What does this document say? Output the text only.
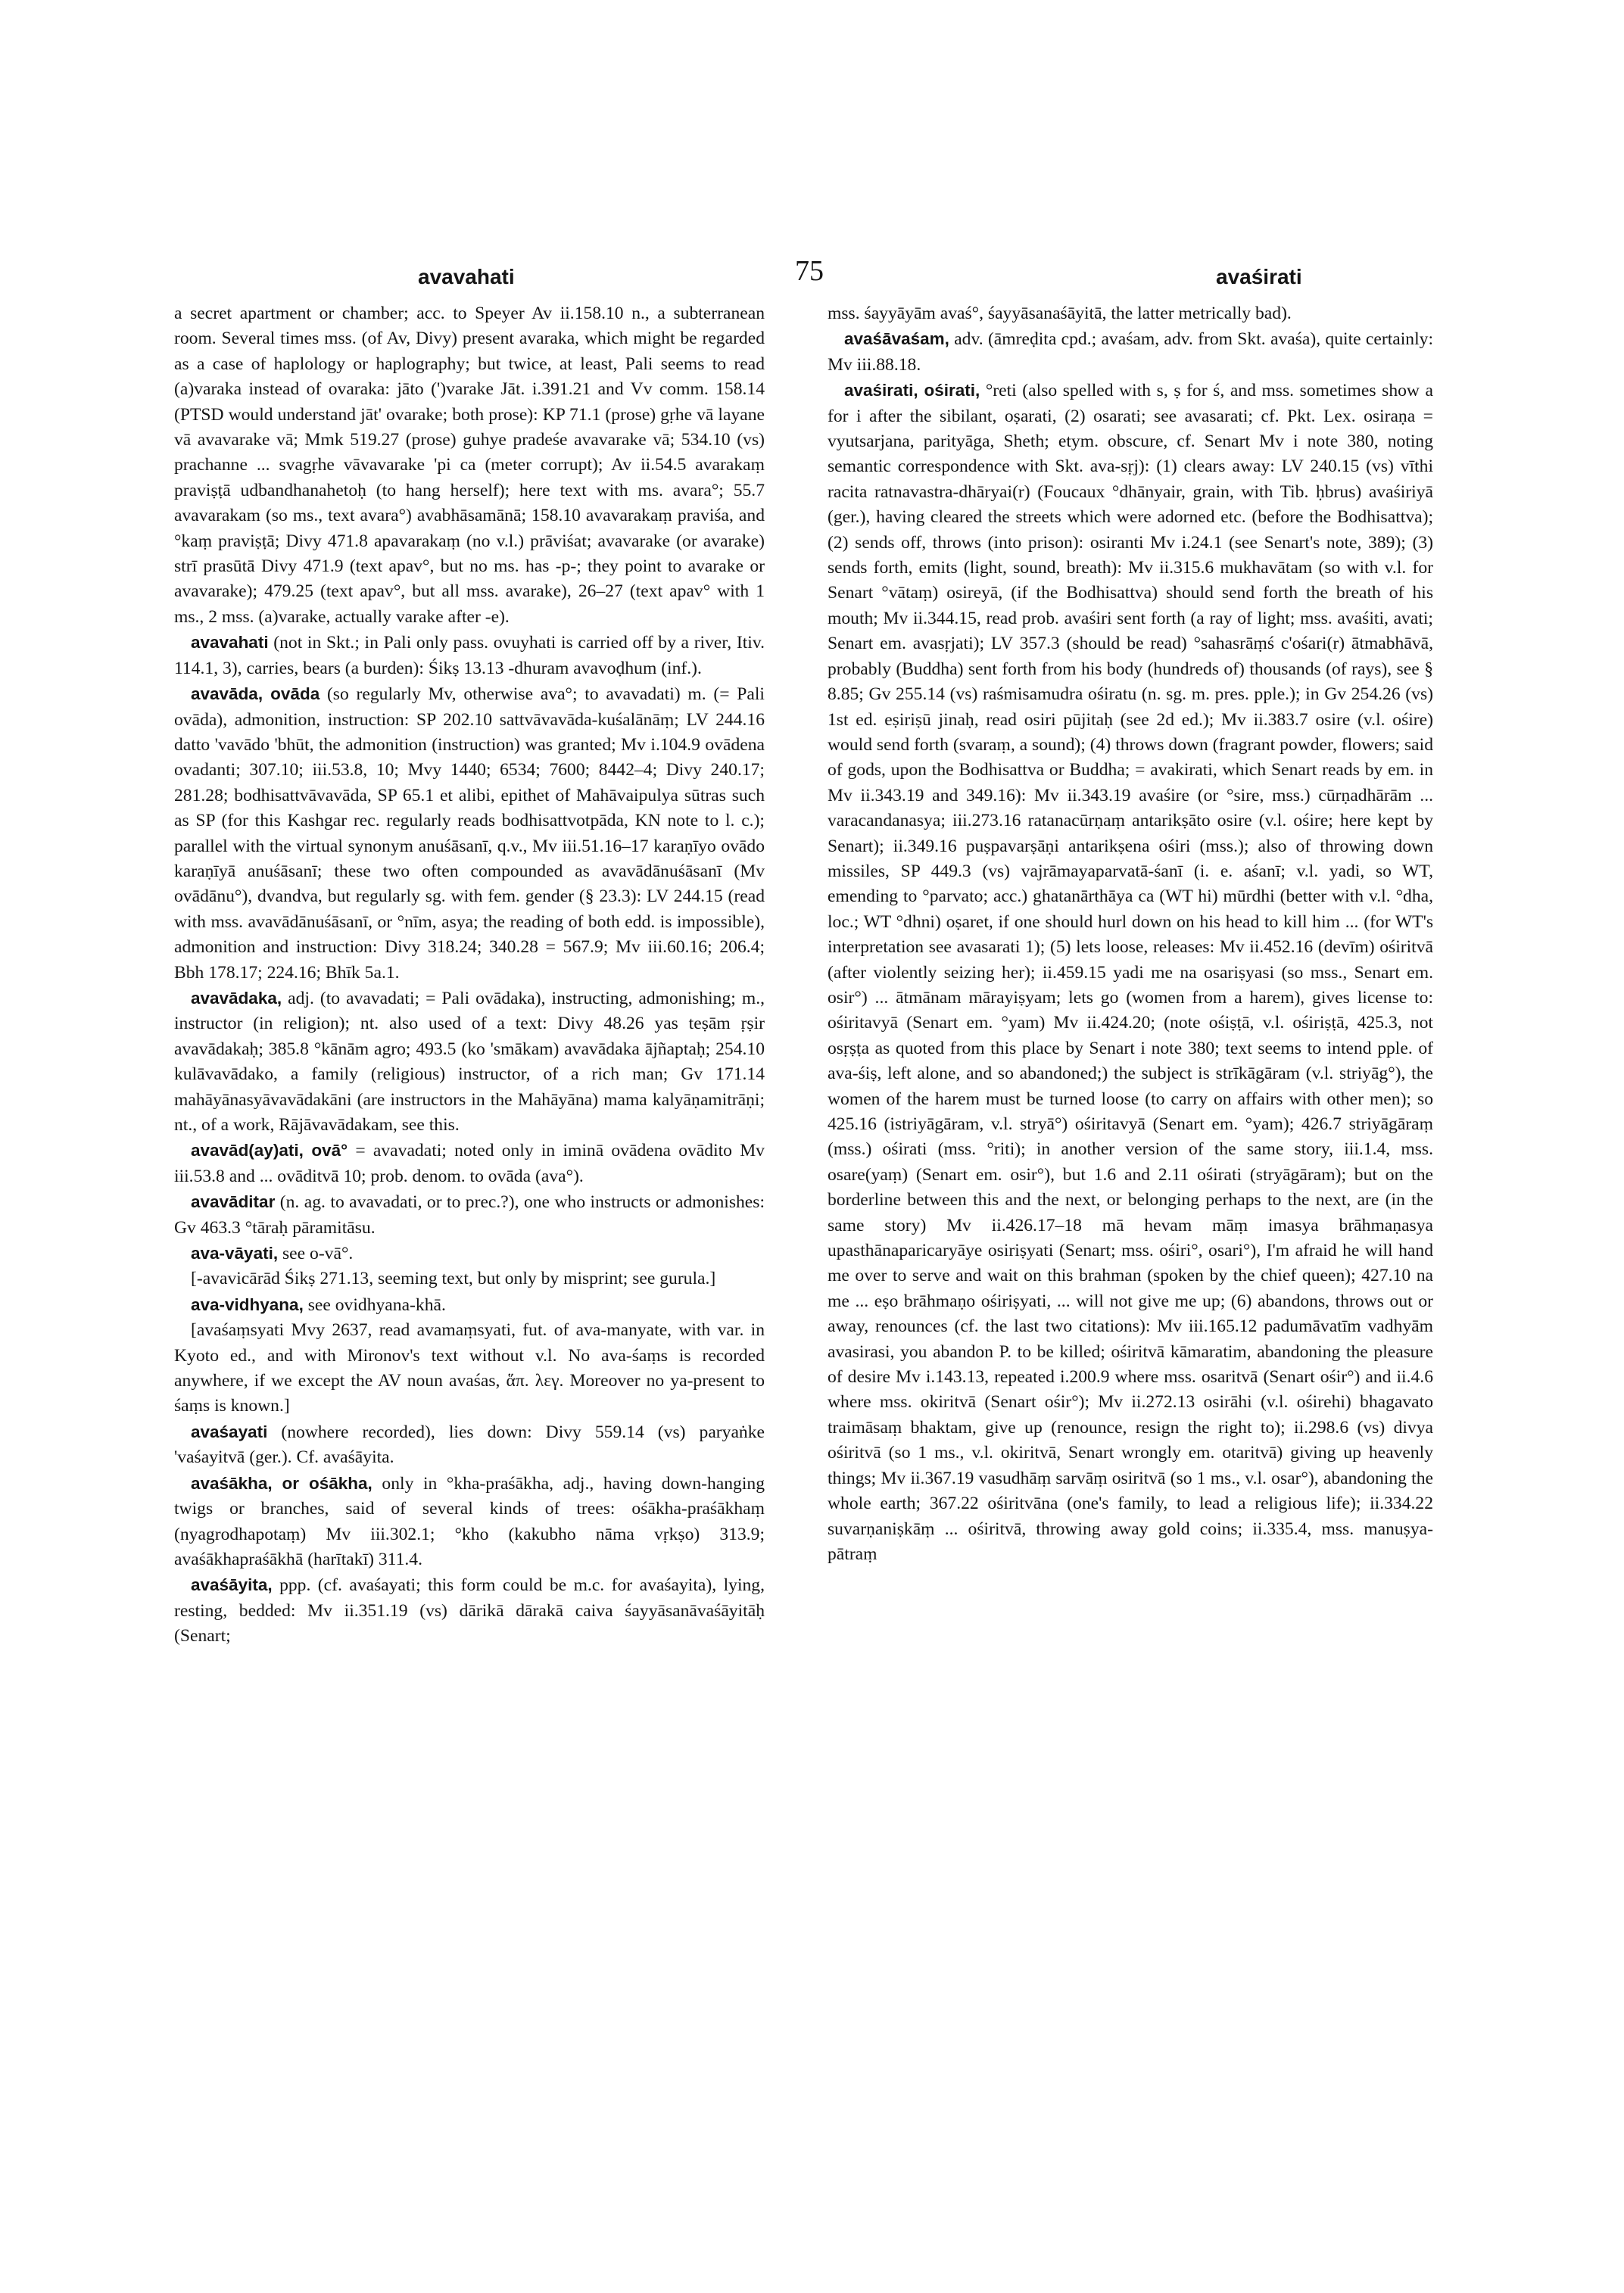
avavahati	75	avaśirati

a secret apartment or chamber; acc. to Speyer Av ii.158.10 n., a subterranean room. Several times mss. (of Av, Divy) present avaraka, which might be regarded as a case of haplology or haplography; but twice, at least, Pali seems to read (a)varaka instead of ovaraka: jāto (')varake Jāt. i.391.21 and Vv comm. 158.14 (PTSD would understand jāt' ovarake; both prose): KP 71.1 (prose) gṛhe vā layane vā avavarake vā; Mmk 519.27 (prose) guhye pradeśe avavarake vā; 534.10 (vs) prachanne ... svagṛhe vāvavarake 'pi ca (meter corrupt); Av ii.54.5 avarakaṃ praviṣṭā udbandhanahetoḥ (to hang herself); here text with ms. avara°; 55.7 avavarakam (so ms., text avara°) avabhāsamānā; 158.10 avavarakaṃ praviśa, and °kaṃ praviṣṭā; Divy 471.8 apavarakaṃ (no v.l.) prāviśat; avavarake (or avarake) strī prasūtā Divy 471.9 (text apav°, but no ms. has -p-; they point to avarake or avavarake); 479.25 (text apav°, but all mss. avarake), 26–27 (text apav° with 1 ms., 2 mss. (a)varake, actually varake after -e).

avavahati (not in Skt.; in Pali only pass. ovuyhati is carried off by a river, Itiv. 114.1, 3), carries, bears (a burden): Śikṣ 13.13 -dhuram avavoḍhum (inf.).

avavāda, ovāda (so regularly Mv, otherwise ava°; to avavadati) m. (= Pali ovāda), admonition, instruction: SP 202.10 sattvāvavāda-kuśalānāṃ; LV 244.16 datto 'vavādo 'bhūt, the admonition (instruction) was granted; Mv i.104.9 ovādena ovadanti; 307.10; iii.53.8, 10; Mvy 1440; 6534; 7600; 8442–4; Divy 240.17; 281.28; bodhisattvāvavāda, SP 65.1 et alibi, epithet of Mahāvaipulya sūtras such as SP (for this Kashgar rec. regularly reads bodhisattvotpāda, KN note to l. c.); parallel with the virtual synonym anuśāsanī, q.v., Mv iii.51.16–17 karaṇīyo ovādo karaṇīyā anuśāsanī; these two often compounded as avavādānuśāsanī (Mv ovādānu°), dvandva, but regularly sg. with fem. gender (§ 23.3): LV 244.15 (read with mss. avavādānuśāsanī, or °nīm, asya; the reading of both edd. is impossible), admonition and instruction: Divy 318.24; 340.28 = 567.9; Mv iii.60.16; 206.4; Bbh 178.17; 224.16; Bhīk 5a.1.

avavādaka, adj. (to avavadati; = Pali ovādaka), instructing, admonishing; m., instructor (in religion); nt. also used of a text: Divy 48.26 yas teṣām ṛṣir avavādakaḥ; 385.8 °kānām agro; 493.5 (ko 'smākam) avavādaka ājñaptaḥ; 254.10 kulāvavādako, a family (religious) instructor, of a rich man; Gv 171.14 mahāyānasyāvavādakāni (are instructors in the Mahāyāna) mama kalyāṇamitrāṇi; nt., of a work, Rājāvavādakam, see this.

avavād(ay)ati, ovā° = avavadati; noted only in iminā ovādena ovādito Mv iii.53.8 and ... ovāditvā 10; prob. denom. to ovāda (ava°).

avavāditar (n. ag. to avavadati, or to prec.?), one who instructs or admonishes: Gv 463.3 °tāraḥ pāramitāsu.

ava-vāyati, see o-vā°.

[-avavicārād Śikṣ 271.13, seeming text, but only by misprint; see gurula.]

ava-vidhyana, see ovidhyana-khā.

[avaśaṃsyati Mvy 2637, read avamaṃsyati, fut. of ava-manyate, with var. in Kyoto ed., and with Mironov's text without v.l. No ava-śaṃs is recorded anywhere, if we except the AV noun avaśas, ἅπ. λεγ. Moreover no ya-present to śaṃs is known.]

avaśayati (nowhere recorded), lies down: Divy 559.14 (vs) paryaṅke 'vaśayitvā (ger.). Cf. avaśāyita.

avaśākha, or ośākha, only in °kha-praśākha, adj., having down-hanging twigs or branches, said of several kinds of trees: ośākha-praśākhaṃ (nyagrodhapotaṃ) Mv iii.302.1; °kho (kakubho nāma vṛkṣo) 313.9; avaśākhapraśākhā (harītakī) 311.4.

avaśāyita, ppp. (cf. avaśayati; this form could be m.c. for avaśayita), lying, resting, bedded: Mv ii.351.19 (vs) dārikā dārakā caiva śayyāsanāvaśāyitāḥ (Senart;

mss. śayyāyām avaś°, śayyāsanaśāyitā, the latter metrically bad).

avaśāvaśam, adv. (āmreḍita cpd.; avaśam, adv. from Skt. avaśa), quite certainly: Mv iii.88.18.

avaśirati, ośirati, °reti (also spelled with s, ṣ for ś, and mss. sometimes show a for i after the sibilant, oṣarati, (2) osarati; see avasarati; cf. Pkt. Lex. osiraṇa = vyutsarjana, parityāga, Sheth; etym. obscure, cf. Senart Mv i note 380, noting semantic correspondence with Skt. ava-sṛj): (1) clears away: LV 240.15 (vs) vīthi racita ratnavastra-dhāryai(r) (Foucaux °dhānyair, grain, with Tib. ḥbrus) avaśiriyā (ger.), having cleared the streets which were adorned etc. (before the Bodhisattva); (2) sends off, throws (into prison): osiranti Mv i.24.1 (see Senart's note, 389); (3) sends forth, emits (light, sound, breath): Mv ii.315.6 mukhavātam (so with v.l. for Senart °vātaṃ) osireyā, (if the Bodhisattva) should send forth the breath of his mouth; Mv ii.344.15, read prob. avaśiri sent forth (a ray of light; mss. avaśiti, avati; Senart em. avasṛjati); LV 357.3 (should be read) °sahasrāṃś c'ośari(r) ātmabhāvā, probably (Buddha) sent forth from his body (hundreds of) thousands (of rays), see § 8.85; Gv 255.14 (vs) raśmisamudra ośiratu (n. sg. m. pres. pple.); in Gv 254.26 (vs) 1st ed. eṣiriṣū jinaḥ, read osiri pūjitaḥ (see 2d ed.); Mv ii.383.7 osire (v.l. ośire) would send forth (svaraṃ, a sound); (4) throws down (fragrant powder, flowers; said of gods, upon the Bodhisattva or Buddha; = avakirati, which Senart reads by em. in Mv ii.343.19 and 349.16): Mv ii.343.19 avaśire (or °sire, mss.) cūrṇadhārām ... varacandanasya; iii.273.16 ratanacūrṇaṃ antarikṣāto osire (v.l. ośire; here kept by Senart); ii.349.16 puṣpavarṣāṇi antarikṣena ośiri (mss.); also of throwing down missiles, SP 449.3 (vs) vajrāmayaparvatā-śanī (i. e. aśanī; v.l. yadi, so WT, emending to °parvato; acc.) ghatanārthāya ca (WT hi) mūrdhi (better with v.l. °dha, loc.; WT °dhni) oṣaret, if one should hurl down on his head to kill him ... (for WT's interpretation see avasarati 1); (5) lets loose, releases: Mv ii.452.16 (devīm) ośiritvā (after violently seizing her); ii.459.15 yadi me na osariṣyasi (so mss., Senart em. osir°) ... ātmānam mārayiṣyam; lets go (women from a harem), gives license to: ośiritavyā (Senart em. °yam) Mv ii.424.20; (note ośiṣṭā, v.l. ośiriṣṭā, 425.3, not osṛṣṭa as quoted from this place by Senart i note 380; text seems to intend pple. of ava-śiṣ, left alone, and so abandoned;) the subject is strīkāgāram (v.l. striyāg°), the women of the harem must be turned loose (to carry on affairs with other men); so 425.16 (istriyāgāram, v.l. stryā°) ośiritavyā (Senart em. °yam); 426.7 striyāgāraṃ (mss.) ośirati (mss. °riti); in another version of the same story, iii.1.4, mss. osare(yaṃ) (Senart em. osir°), but 1.6 and 2.11 ośirati (stryāgāram); but on the borderline between this and the next, or belonging perhaps to the next, are (in the same story) Mv ii.426.17–18 mā hevam māṃ imasya brāhmaṇasya upasthānaparicaryāye osiriṣyati (Senart; mss. ośiri°, osari°), I'm afraid he will hand me over to serve and wait on this brahman (spoken by the chief queen); 427.10 na me ... eṣo brāhmaṇo ośiriṣyati, ... will not give me up; (6) abandons, throws out or away, renounces (cf. the last two citations): Mv iii.165.12 padumāvatīm vadhyām avasirasi, you abandon P. to be killed; ośiritvā kāmaratim, abandoning the pleasure of desire Mv i.143.13, repeated i.200.9 where mss. osaritvā (Senart ośir°) and ii.4.6 where mss. okiritvā (Senart ośir°); Mv ii.272.13 osirāhi (v.l. ośirehi) bhagavato traimāsaṃ bhaktam, give up (renounce, resign the right to); ii.298.6 (vs) divya ośiritvā (so 1 ms., v.l. okiritvā, Senart wrongly em. otaritvā) giving up heavenly things; Mv ii.367.19 vasudhāṃ sarvāṃ osiritvā (so 1 ms., v.l. osar°), abandoning the whole earth; 367.22 ośiritvāna (one's family, to lead a religious life); ii.334.22 suvarṇaniṣkāṃ ... ośiritvā, throwing away gold coins; ii.335.4, mss. manuṣya-pātraṃ
